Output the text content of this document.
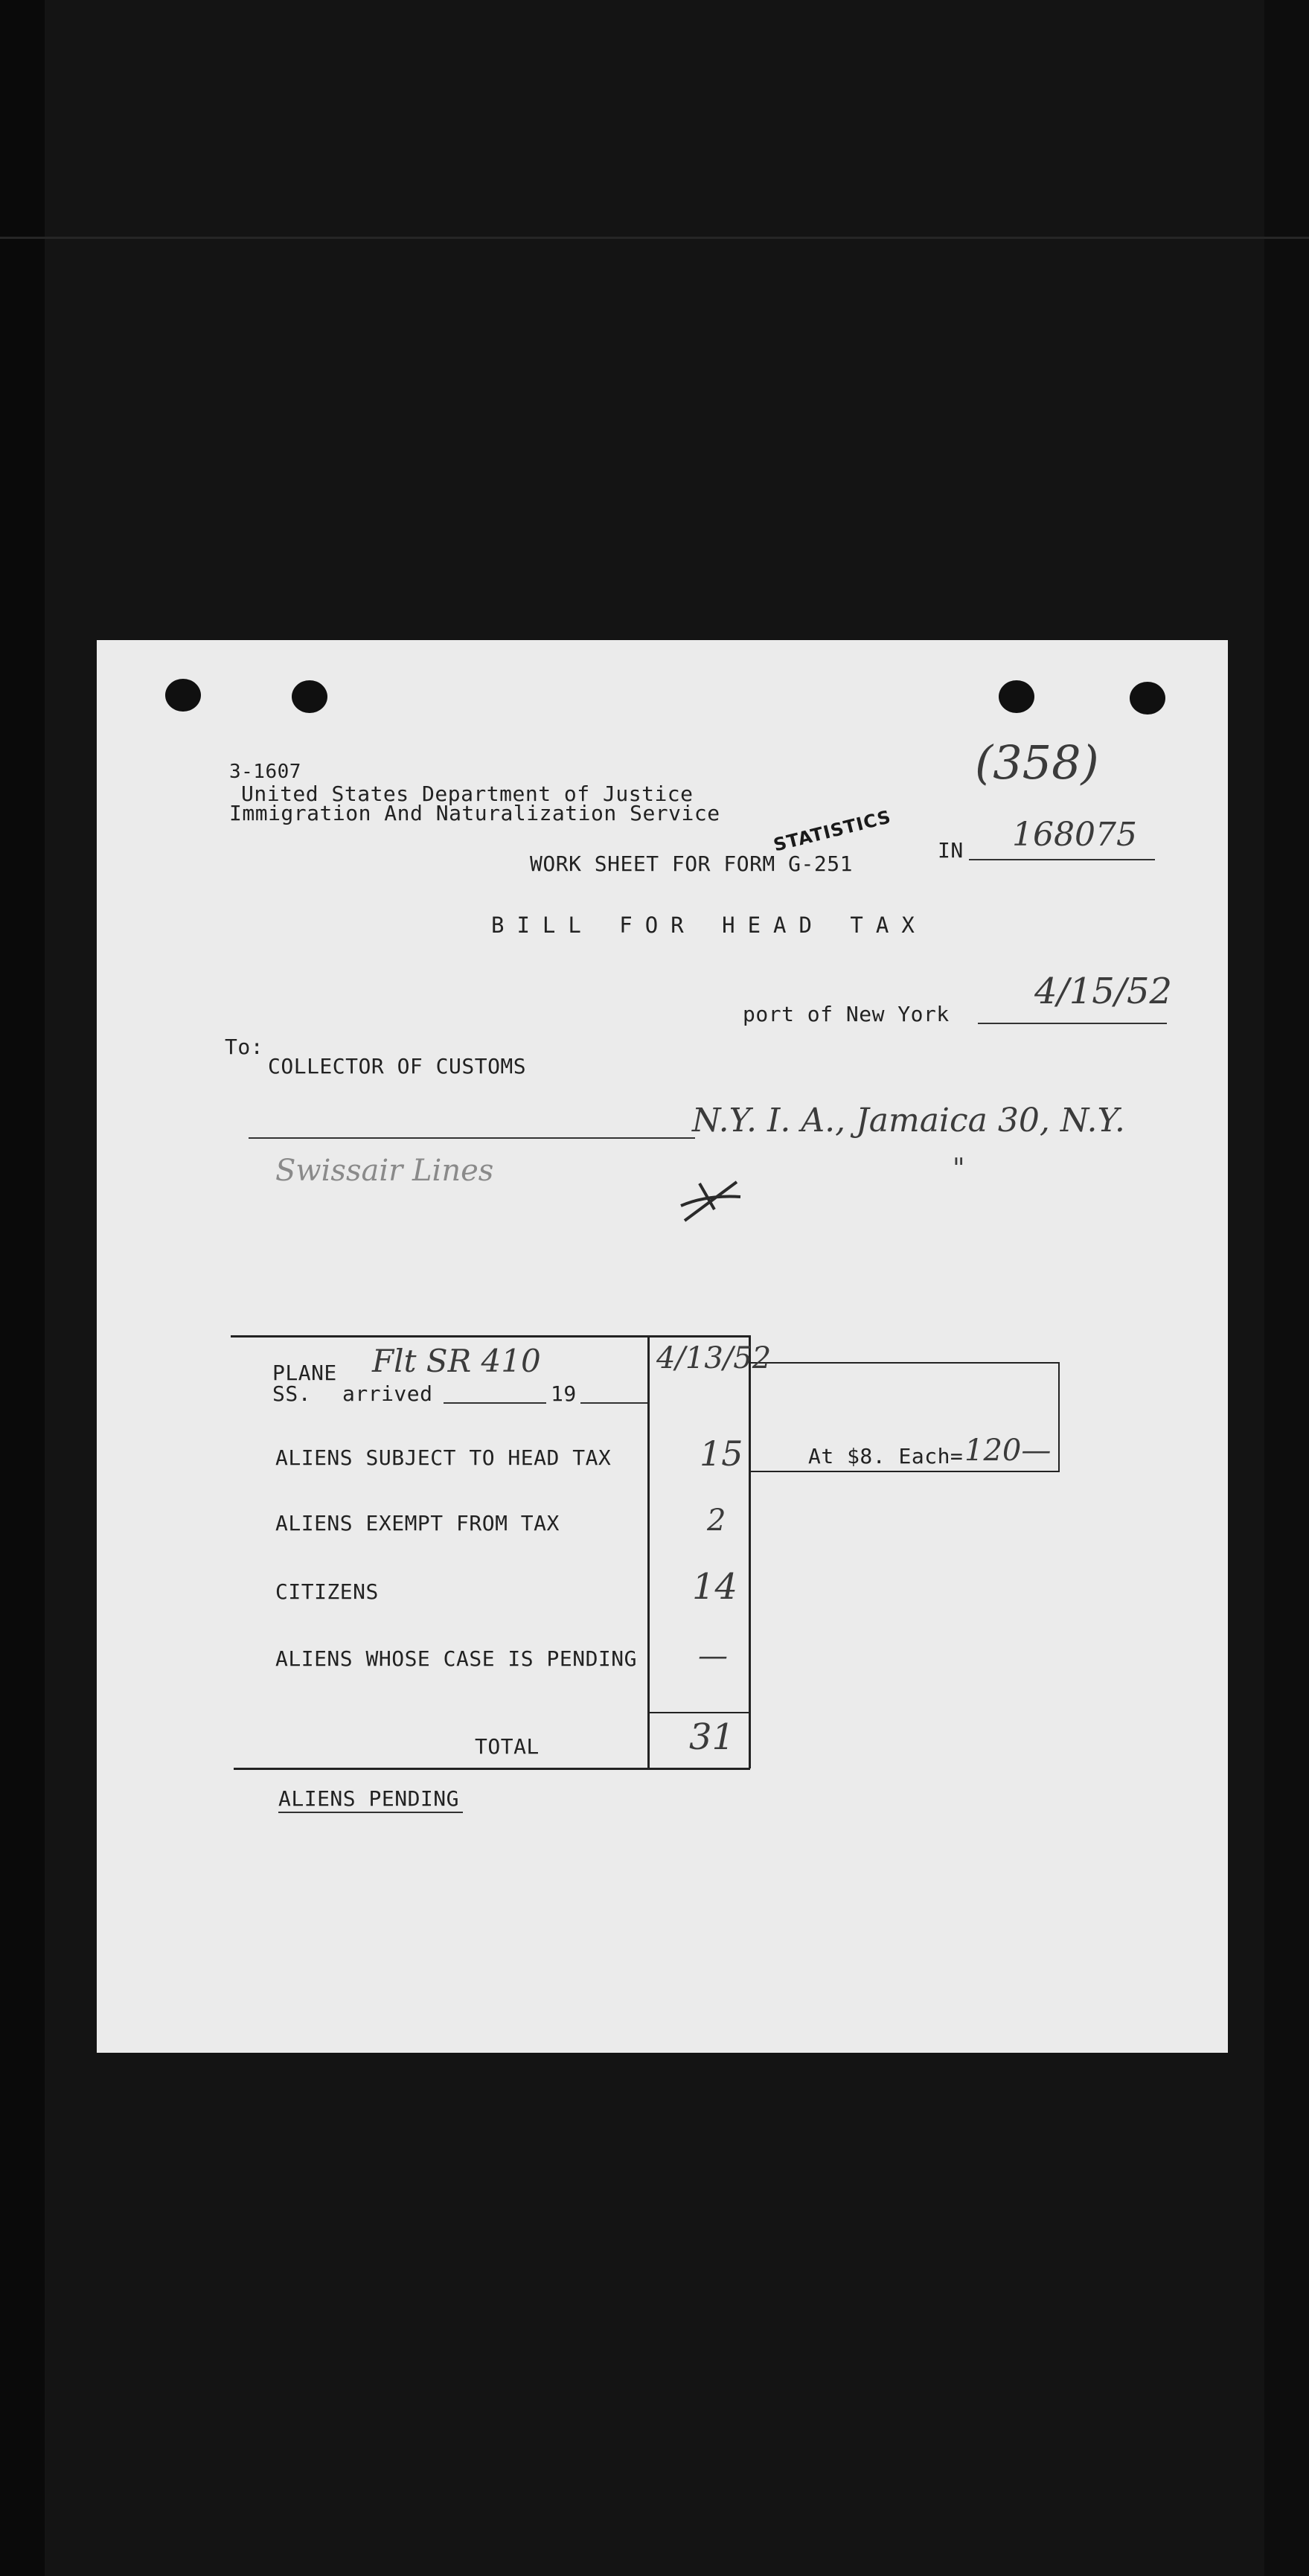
3-1607
United States Department of Justice
Immigration And Naturalization Service
(358)
STATISTICS
WORK SHEET FOR FORM G-251
IN 168075
BILL FOR HEAD TAX
port of New York
4/15/52
To:
COLLECTOR OF CUSTOMS
N.Y. I. A., Jamaica 30, N.Y.
Swissair Lines	"
PLANE Flt SR 410	4/13/52
SS. arrived	19
ALIENS SUBJECT TO HEAD TAX	15
ALIENS EXEMPT FROM TAX	2
CITIZENS	14
ALIENS WHOSE CASE IS PENDING —
TOTAL	31
At $8. Each= 120—
ALIENS PENDING
